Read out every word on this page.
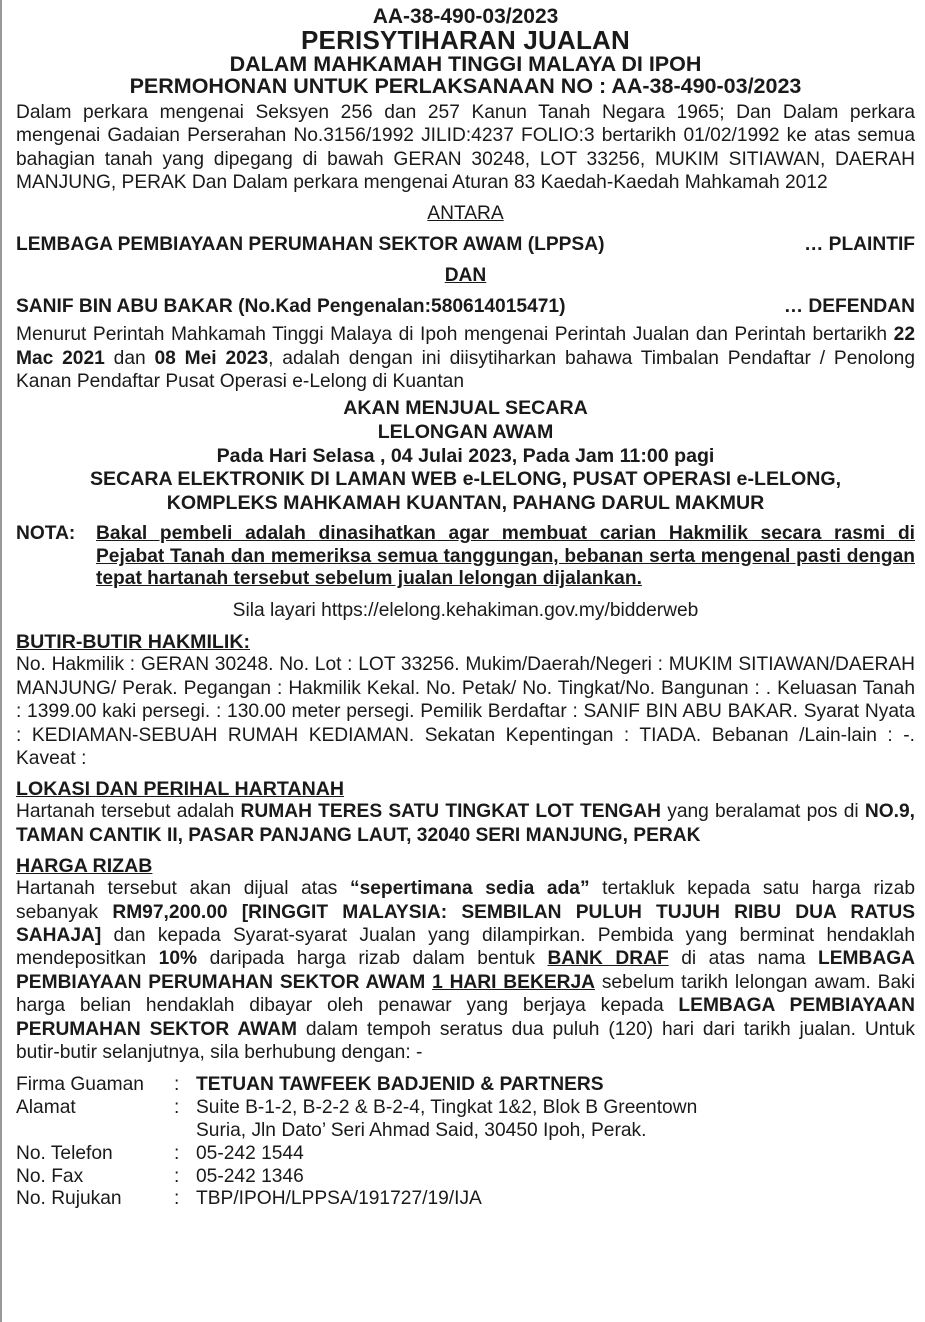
AA-38-490-03/2023
PERISYTIHARAN JUALAN
DALAM MAHKAMAH TINGGI MALAYA DI IPOH
PERMOHONAN UNTUK PERLAKSANAAN NO : AA-38-490-03/2023

Dalam perkara mengenai Seksyen 256 dan 257 Kanun Tanah Negara 1965; Dan Dalam perkara mengenai Gadaian Perserahan No.3156/1992 JILID:4237 FOLIO:3 bertarikh 01/02/1992 ke atas semua bahagian tanah yang dipegang di bawah GERAN 30248, LOT 33256, MUKIM SITIAWAN, DAERAH MANJUNG, PERAK Dan Dalam perkara mengenai Aturan 83 Kaedah-Kaedah Mahkamah 2012

ANTARA
LEMBAGA PEMBIAYAAN PERUMAHAN SEKTOR AWAM (LPPSA)	… PLAINTIF
DAN
SANIF BIN ABU BAKAR (No.Kad Pengenalan:580614015471)	… DEFENDAN

Menurut Perintah Mahkamah Tinggi Malaya di Ipoh mengenai Perintah Jualan dan Perintah bertarikh 22 Mac 2021 dan 08 Mei 2023, adalah dengan ini diisytiharkan bahawa Timbalan Pendaftar / Penolong Kanan Pendaftar Pusat Operasi e-Lelong di Kuantan

AKAN MENJUAL SECARA
LELONGAN AWAM
Pada Hari Selasa , 04 Julai 2023, Pada Jam 11:00 pagi
SECARA ELEKTRONIK DI LAMAN WEB e-LELONG, PUSAT OPERASI e-LELONG,
KOMPLEKS MAHKAMAH KUANTAN, PAHANG DARUL MAKMUR
NOTA:	Bakal pembeli adalah dinasihatkan agar membuat carian Hakmilik secara rasmi di Pejabat Tanah dan memeriksa semua tanggungan, bebanan serta mengenal pasti dengan tepat hartanah tersebut sebelum jualan lelongan dijalankan.
Sila layari https://elelong.kehakiman.gov.my/bidderweb
BUTIR-BUTIR HAKMILIK:

No. Hakmilik : GERAN 30248. No. Lot : LOT 33256. Mukim/Daerah/Negeri : MUKIM SITIAWAN/DAERAH MANJUNG/ Perak. Pegangan : Hakmilik Kekal. No. Petak/ No. Tingkat/No. Bangunan : . Keluasan Tanah : 1399.00 kaki persegi. : 130.00 meter persegi. Pemilik Berdaftar : SANIF BIN ABU BAKAR. Syarat Nyata : KEDIAMAN-SEBUAH RUMAH KEDIAMAN. Sekatan Kepentingan : TIADA. Bebanan /Lain-lain : -. Kaveat :

LOKASI DAN PERIHAL HARTANAH

Hartanah tersebut adalah RUMAH TERES SATU TINGKAT LOT TENGAH yang beralamat pos di NO.9, TAMAN CANTIK II, PASAR PANJANG LAUT, 32040 SERI MANJUNG, PERAK

HARGA RIZAB

Hartanah tersebut akan dijual atas “sepertimana sedia ada” tertakluk kepada satu harga rizab sebanyak RM97,200.00 [RINGGIT MALAYSIA: SEMBILAN PULUH TUJUH RIBU DUA RATUS SAHAJA] dan kepada Syarat-syarat Jualan yang dilampirkan. Pembida yang berminat hendaklah mendepositkan 10% daripada harga rizab dalam bentuk BANK DRAF di atas nama LEMBAGA PEMBIAYAAN PERUMAHAN SEKTOR AWAM 1 HARI BEKERJA sebelum tarikh lelongan awam. Baki harga belian hendaklah dibayar oleh penawar yang berjaya kepada LEMBAGA PEMBIAYAAN PERUMAHAN SEKTOR AWAM dalam tempoh seratus dua puluh (120) hari dari tarikh jualan. Untuk butir-butir selanjutnya, sila berhubung dengan: -

Firma Guaman	: TETUAN TAWFEEK BADJENID & PARTNERS
Alamat	: Suite B-1-2, B-2-2 & B-2-4, Tingkat 1&2, Blok B Greentown
Suria, Jln Dato’ Seri Ahmad Said, 30450 Ipoh, Perak.
No. Telefon	: 05-242 1544
No. Fax	: 05-242 1346
No. Rujukan	: TBP/IPOH/LPPSA/191727/19/IJA
